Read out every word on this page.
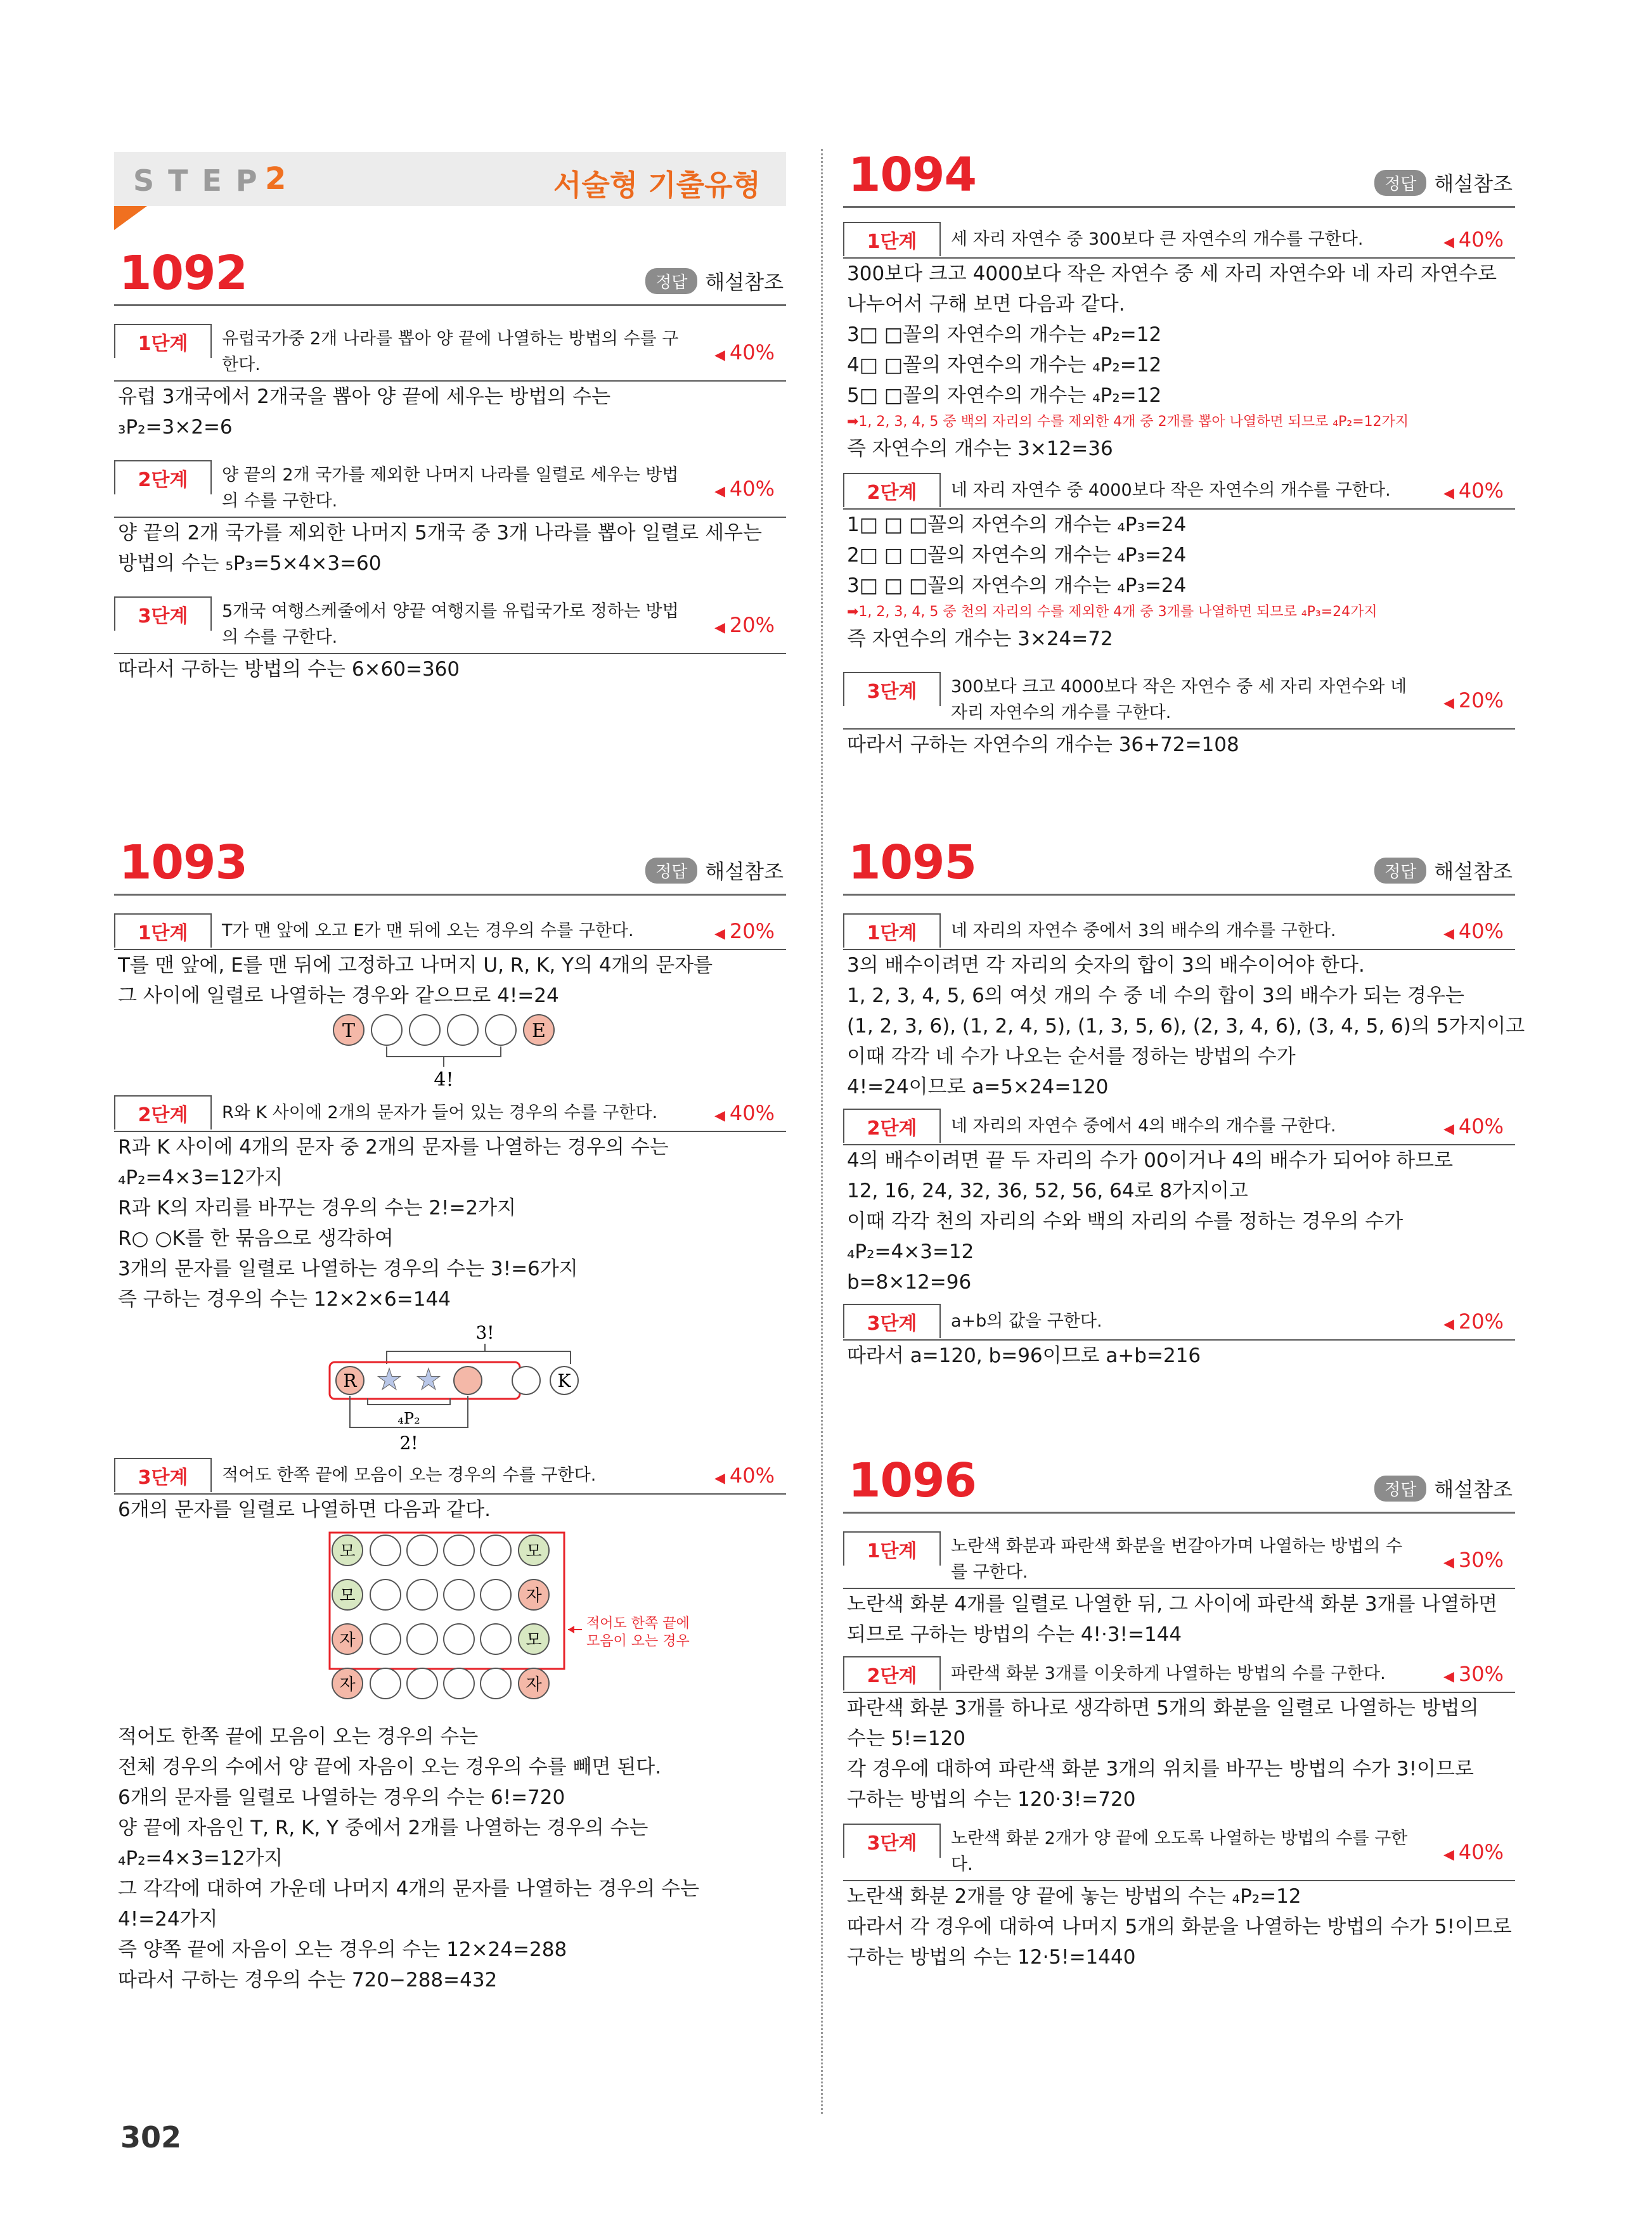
STEP
2	서술형 기출유형
1092	정답 해설참조
1단계	유럽국가중 2개 나라를 뽑아 양 끝에 나열하는 방법의 수를 구한다.
◀ 40%

유럽 3개국에서 2개국을 뽑아 양 끝에 세우는 방법의 수는

₃P₂=3×2=6

2단계	양 끝의 2개 국가를 제외한 나머지 나라를 일렬로 세우는 방법의 수를 구한다.
◀ 40%

양 끝의 2개 국가를 제외한 나머지 5개국 중 3개 나라를 뽑아 일렬로 세우는

방법의 수는 ₅P₃=5×4×3=60

3단계	5개국 여행스케줄에서 양끝 여행지를 유럽국가로 정하는 방법의 수를 구한다.
◀ 20%

따라서 구하는 방법의 수는 6×60=360

1093	정답 해설참조
1단계	T가 맨 앞에 오고 E가 맨 뒤에 오는 경우의 수를 구한다.	◀ 20%

T를 맨 앞에, E를 맨 뒤에 고정하고 나머지 U, R, K, Y의 4개의 문자를

그 사이에 일렬로 나열하는 경우와 같으므로 4!=24

T	E
4!
2단계	R와 K 사이에 2개의 문자가 들어 있는 경우의 수를 구한다.	◀ 40%

R과 K 사이에 4개의 문자 중 2개의 문자를 나열하는 경우의 수는

₄P₂=4×3=12가지

R과 K의 자리를 바꾸는 경우의 수는 2!=2가지

R○ ○K를 한 묶음으로 생각하여

3개의 문자를 일렬로 나열하는 경우의 수는 3!=6가지

즉 구하는 경우의 수는 12×2×6=144

3!
R ★ ★	K
₄P₂
2!
3단계	적어도 한쪽 끝에 모음이 오는 경우의 수를 구한다.	◀ 40%

6개의 문자를 일렬로 나열하면 다음과 같다.

모	모
모	자
자	모
자	자
적어도 한쪽 끝에
모음이 오는 경우

적어도 한쪽 끝에 모음이 오는 경우의 수는

전체 경우의 수에서 양 끝에 자음이 오는 경우의 수를 빼면 된다.

6개의 문자를 일렬로 나열하는 경우의 수는 6!=720

양 끝에 자음인 T, R, K, Y 중에서 2개를 나열하는 경우의 수는

₄P₂=4×3=12가지

그 각각에 대하여 가운데 나머지 4개의 문자를 나열하는 경우의 수는

4!=24가지

즉 양쪽 끝에 자음이 오는 경우의 수는 12×24=288

따라서 구하는 경우의 수는 720−288=432

302
1094	정답 해설참조
1단계	세 자리 자연수 중 300보다 큰 자연수의 개수를 구한다.	◀ 40%

300보다 크고 4000보다 작은 자연수 중 세 자리 자연수와 네 자리 자연수로

나누어서 구해 보면 다음과 같다.

3□ □꼴의 자연수의 개수는 ₄P₂=12

4□ □꼴의 자연수의 개수는 ₄P₂=12

5□ □꼴의 자연수의 개수는 ₄P₂=12

➡1, 2, 3, 4, 5 중 백의 자리의 수를 제외한 4개 중 2개를 뽑아 나열하면 되므로 ₄P₂=12가지

즉 자연수의 개수는 3×12=36

2단계	네 자리 자연수 중 4000보다 작은 자연수의 개수를 구한다.	◀ 40%

1□ □ □꼴의 자연수의 개수는 ₄P₃=24

2□ □ □꼴의 자연수의 개수는 ₄P₃=24

3□ □ □꼴의 자연수의 개수는 ₄P₃=24

➡1, 2, 3, 4, 5 중 천의 자리의 수를 제외한 4개 중 3개를 나열하면 되므로 ₄P₃=24가지

즉 자연수의 개수는 3×24=72

3단계	300보다 크고 4000보다 작은 자연수 중 세 자리 자연수와 네 자리 자연수의 개수를 구한다.
◀ 20%

따라서 구하는 자연수의 개수는 36+72=108

1095	정답 해설참조
1단계	네 자리의 자연수 중에서 3의 배수의 개수를 구한다.	◀ 40%

3의 배수이려면 각 자리의 숫자의 합이 3의 배수이어야 한다.

1, 2, 3, 4, 5, 6의 여섯 개의 수 중 네 수의 합이 3의 배수가 되는 경우는

(1, 2, 3, 6), (1, 2, 4, 5), (1, 3, 5, 6), (2, 3, 4, 6), (3, 4, 5, 6)의 5가지이고

이때 각각 네 수가 나오는 순서를 정하는 방법의 수가

4!=24이므로 a=5×24=120

2단계	네 자리의 자연수 중에서 4의 배수의 개수를 구한다.	◀ 40%

4의 배수이려면 끝 두 자리의 수가 00이거나 4의 배수가 되어야 하므로

12, 16, 24, 32, 36, 52, 56, 64로 8가지이고

이때 각각 천의 자리의 수와 백의 자리의 수를 정하는 경우의 수가

₄P₂=4×3=12

b=8×12=96

3단계	a+b의 값을 구한다.	◀ 20%

따라서 a=120, b=96이므로 a+b=216

1096	정답 해설참조
1단계	노란색 화분과 파란색 화분을 번갈아가며 나열하는 방법의 수를 구한다.
◀ 30%

노란색 화분 4개를 일렬로 나열한 뒤, 그 사이에 파란색 화분 3개를 나열하면

되므로 구하는 방법의 수는 4!·3!=144

2단계	파란색 화분 3개를 이웃하게 나열하는 방법의 수를 구한다.	◀ 30%

파란색 화분 3개를 하나로 생각하면 5개의 화분을 일렬로 나열하는 방법의

수는 5!=120

각 경우에 대하여 파란색 화분 3개의 위치를 바꾸는 방법의 수가 3!이므로

구하는 방법의 수는 120·3!=720

3단계	노란색 화분 2개가 양 끝에 오도록 나열하는 방법의 수를 구한다.
◀ 40%

노란색 화분 2개를 양 끝에 놓는 방법의 수는 ₄P₂=12

따라서 각 경우에 대하여 나머지 5개의 화분을 나열하는 방법의 수가 5!이므로

구하는 방법의 수는 12·5!=1440
